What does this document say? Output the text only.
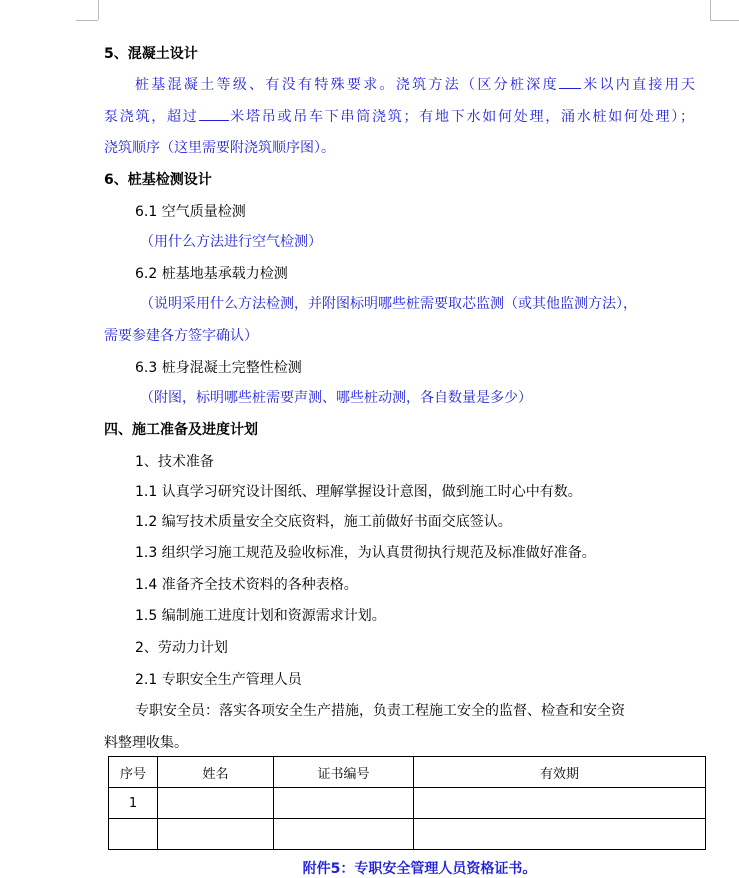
5、混凝土设计
桩基混凝土等级、有没有特殊要求。浇筑方法（区分桩深度 米以内直接用天
泵浇筑，超过 米塔吊或吊车下串筒浇筑；有地下水如何处理，涌水桩如何处理）；
浇筑顺序（这里需要附浇筑顺序图）。
6、桩基检测设计
6.1 空气质量检测
（用什么方法进行空气检测）
6.2 桩基地基承载力检测
（说明采用什么方法检测，并附图标明哪些桩需要取芯监测（或其他监测方法），
需要参建各方签字确认）
6.3 桩身混凝土完整性检测
（附图，标明哪些桩需要声测、哪些桩动测，各自数量是多少）
四、施工准备及进度计划
1、技术准备
1.1 认真学习研究设计图纸、理解掌握设计意图，做到施工时心中有数。
1.2 编写技术质量安全交底资料，施工前做好书面交底签认。
1.3 组织学习施工规范及验收标准，为认真贯彻执行规范及标准做好准备。
1.4 准备齐全技术资料的各种表格。
1.5 编制施工进度计划和资源需求计划。
2、劳动力计划
2.1 专职安全生产管理人员
专职安全员：落实各项安全生产措施，负责工程施工安全的监督、检查和安全资
料整理收集。
序号	姓名	证书编号	有效期
1			

附件5：专职安全管理人员资格证书。
